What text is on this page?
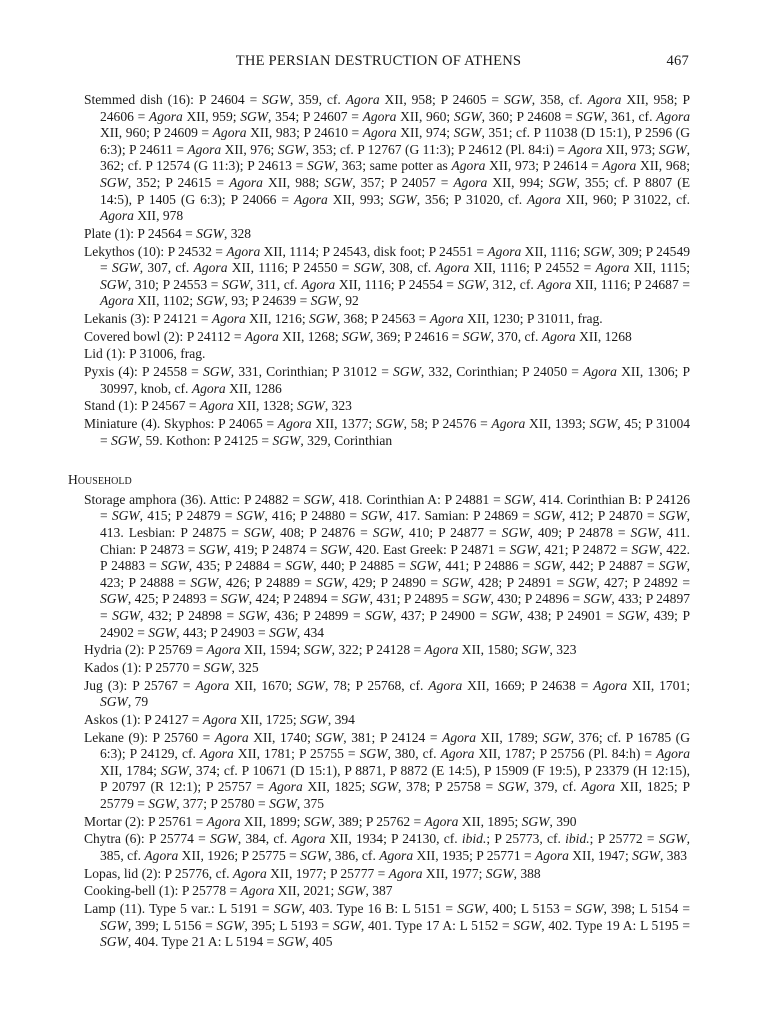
THE PERSIAN DESTRUCTION OF ATHENS	467
Stemmed dish (16): P 24604 = SGW, 359, cf. Agora XII, 958; P 24605 = SGW, 358, cf. Agora XII, 958; P 24606 = Agora XII, 959; SGW, 354; P 24607 = Agora XII, 960; SGW, 360; P 24608 = SGW, 361, cf. Agora XII, 960; P 24609 = Agora XII, 983; P 24610 = Agora XII, 974; SGW, 351; cf. P 11038 (D 15:1), P 2596 (G 6:3); P 24611 = Agora XII, 976; SGW, 353; cf. P 12767 (G 11:3); P 24612 (Pl. 84:i) = Agora XII, 973; SGW, 362; cf. P 12574 (G 11:3); P 24613 = SGW, 363; same potter as Agora XII, 973; P 24614 = Agora XII, 968; SGW, 352; P 24615 = Agora XII, 988; SGW, 357; P 24057 = Agora XII, 994; SGW, 355; cf. P 8807 (E 14:5), P 1405 (G 6:3); P 24066 = Agora XII, 993; SGW, 356; P 31020, cf. Agora XII, 960; P 31022, cf. Agora XII, 978
Plate (1): P 24564 = SGW, 328
Lekythos (10): P 24532 = Agora XII, 1114; P 24543, disk foot; P 24551 = Agora XII, 1116; SGW, 309; P 24549 = SGW, 307, cf. Agora XII, 1116; P 24550 = SGW, 308, cf. Agora XII, 1116; P 24552 = Agora XII, 1115; SGW, 310; P 24553 = SGW, 311, cf. Agora XII, 1116; P 24554 = SGW, 312, cf. Agora XII, 1116; P 24687 = Agora XII, 1102; SGW, 93; P 24639 = SGW, 92
Lekanis (3): P 24121 = Agora XII, 1216; SGW, 368; P 24563 = Agora XII, 1230; P 31011, frag.
Covered bowl (2): P 24112 = Agora XII, 1268; SGW, 369; P 24616 = SGW, 370, cf. Agora XII, 1268
Lid (1): P 31006, frag.
Pyxis (4): P 24558 = SGW, 331, Corinthian; P 31012 = SGW, 332, Corinthian; P 24050 = Agora XII, 1306; P 30997, knob, cf. Agora XII, 1286
Stand (1): P 24567 = Agora XII, 1328; SGW, 323
Miniature (4). Skyphos: P 24065 = Agora XII, 1377; SGW, 58; P 24576 = Agora XII, 1393; SGW, 45; P 31004 = SGW, 59. Kothon: P 24125 = SGW, 329, Corinthian
Household
Storage amphora (36). Attic: P 24882 = SGW, 418. Corinthian A: P 24881 = SGW, 414. Corinthian B: P 24126 = SGW, 415; P 24879 = SGW, 416; P 24880 = SGW, 417. Samian: P 24869 = SGW, 412; P 24870 = SGW, 413. Lesbian: P 24875 = SGW, 408; P 24876 = SGW, 410; P 24877 = SGW, 409; P 24878 = SGW, 411. Chian: P 24873 = SGW, 419; P 24874 = SGW, 420. East Greek: P 24871 = SGW, 421; P 24872 = SGW, 422. P 24883 = SGW, 435; P 24884 = SGW, 440; P 24885 = SGW, 441; P 24886 = SGW, 442; P 24887 = SGW, 423; P 24888 = SGW, 426; P 24889 = SGW, 429; P 24890 = SGW, 428; P 24891 = SGW, 427; P 24892 = SGW, 425; P 24893 = SGW, 424; P 24894 = SGW, 431; P 24895 = SGW, 430; P 24896 = SGW, 433; P 24897 = SGW, 432; P 24898 = SGW, 436; P 24899 = SGW, 437; P 24900 = SGW, 438; P 24901 = SGW, 439; P 24902 = SGW, 443; P 24903 = SGW, 434
Hydria (2): P 25769 = Agora XII, 1594; SGW, 322; P 24128 = Agora XII, 1580; SGW, 323
Kados (1): P 25770 = SGW, 325
Jug (3): P 25767 = Agora XII, 1670; SGW, 78; P 25768, cf. Agora XII, 1669; P 24638 = Agora XII, 1701; SGW, 79
Askos (1): P 24127 = Agora XII, 1725; SGW, 394
Lekane (9): P 25760 = Agora XII, 1740; SGW, 381; P 24124 = Agora XII, 1789; SGW, 376; cf. P 16785 (G 6:3); P 24129, cf. Agora XII, 1781; P 25755 = SGW, 380, cf. Agora XII, 1787; P 25756 (Pl. 84:h) = Agora XII, 1784; SGW, 374; cf. P 10671 (D 15:1), P 8871, P 8872 (E 14:5), P 15909 (F 19:5), P 23379 (H 12:15), P 20797 (R 12:1); P 25757 = Agora XII, 1825; SGW, 378; P 25758 = SGW, 379, cf. Agora XII, 1825; P 25779 = SGW, 377; P 25780 = SGW, 375
Mortar (2): P 25761 = Agora XII, 1899; SGW, 389; P 25762 = Agora XII, 1895; SGW, 390
Chytra (6): P 25774 = SGW, 384, cf. Agora XII, 1934; P 24130, cf. ibid.; P 25773, cf. ibid.; P 25772 = SGW, 385, cf. Agora XII, 1926; P 25775 = SGW, 386, cf. Agora XII, 1935; P 25771 = Agora XII, 1947; SGW, 383
Lopas, lid (2): P 25776, cf. Agora XII, 1977; P 25777 = Agora XII, 1977; SGW, 388
Cooking-bell (1): P 25778 = Agora XII, 2021; SGW, 387
Lamp (11). Type 5 var.: L 5191 = SGW, 403. Type 16 B: L 5151 = SGW, 400; L 5153 = SGW, 398; L 5154 = SGW, 399; L 5156 = SGW, 395; L 5193 = SGW, 401. Type 17 A: L 5152 = SGW, 402. Type 19 A: L 5195 = SGW, 404. Type 21 A: L 5194 = SGW, 405
